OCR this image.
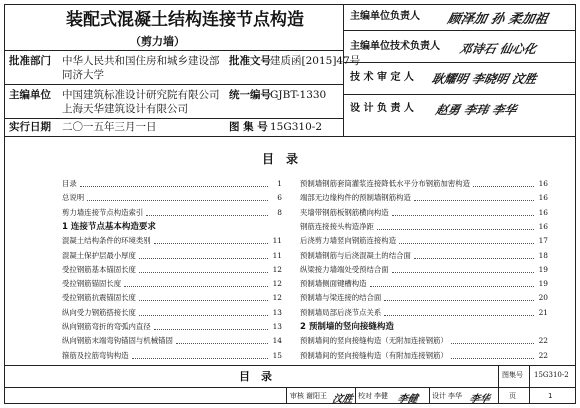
装配式混凝土结构连接节点构造
（剪力墙）
批准部门 中华人民共和国住房和城乡建设部
同济大学
批准文号 建质函[2015]47号
主编单位 中国建筑标准设计研究院有限公司
上海天华建筑设计有限公司
统一编号 GJBT-1330
实行日期 二〇一五年三月一日	图 集 号 15G310-2
主编单位负责人 顾泽加 孙 柔加祖
主编单位技术负责人 邓诗石 仙心化
技 术 审 定 人 耿耀明 李晓明 汶胜
设 计 负 责 人 赵勇 李玮 李华
目　录
目录	1
总说明	6
剪力墙连接节点构造索引	8
1 连接节点基本构造要求
混凝土结构条件的环境类别	11
混凝土保护层最小厚度	11
受拉钢筋基本锚固长度	12
受拉钢筋锚固长度	12
受拉钢筋抗震锚固长度	12
纵向受力钢筋搭接长度	13
纵向钢筋弯折的弯弧内直径	13
纵向钢筋末端弯钩锚固与机械锚固	14
箍筋及拉筋弯钩构造	15
预制墙钢筋套筒灌浆连接降低水平分布钢筋加密构造	16
端部无边缘构件的预制墙钢筋构造	16
夹墙带钢筋板钢筋横向构造	16
钢筋连接接头构造净距	16
后浇剪力墙竖向钢筋连接构造	17
预制墙钢筋与后浇混凝土的结合面	18
纵梁接力墙端处受预结合面	19
预制墙侧面键槽构造	19
预制墙与梁连接的结合面	20
预制墙局部后浇节点关系	21
2 预制墙的竖向接缝构造
预制墙间的竖向接缝构造（无附加连接钢筋）	22
预制墙间的竖向接缝构造（有附加连接钢筋）	22
目　录	图集号 15G310-2
审核 谢阳王 汶胜 校对 李健 李健 设计 李华 李华	页	1
